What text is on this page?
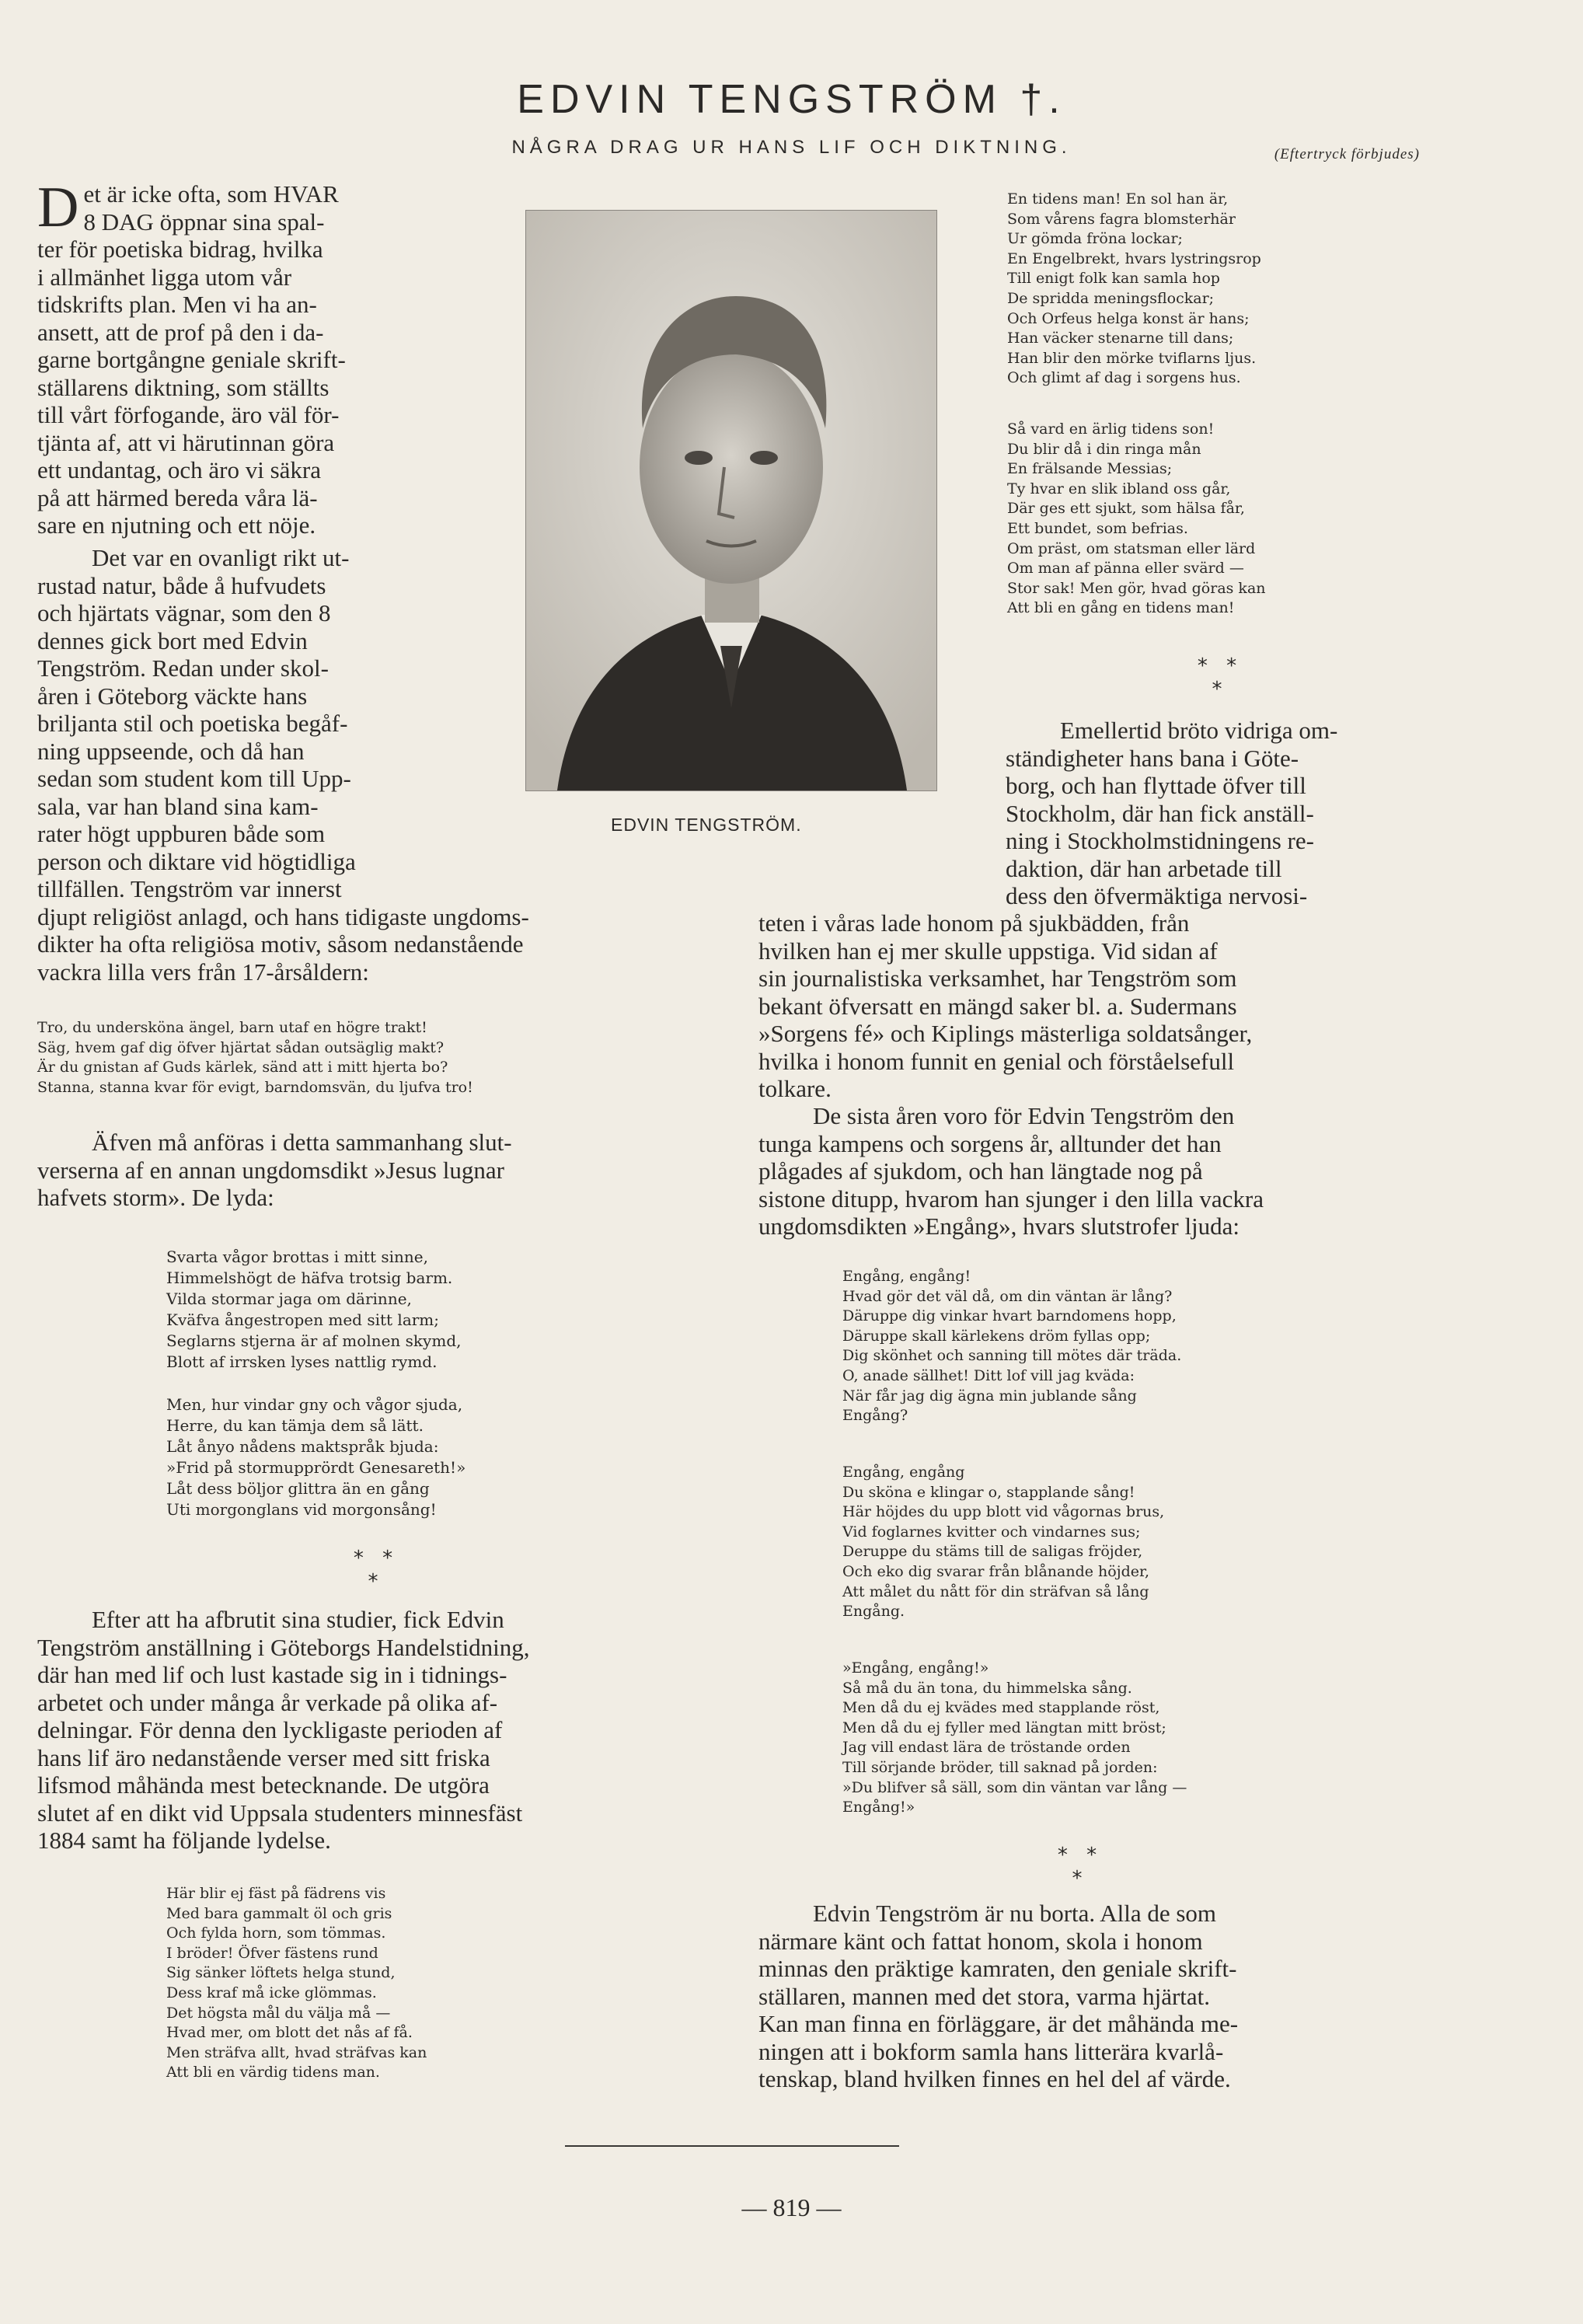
EDVIN TENGSTRÖM †.
NÅGRA DRAG UR HANS LIF OCH DIKTNING.	(Eftertryck förbjudes)

Det är icke ofta, som HVAR
8 DAG öppnar sina spal-
ter för poetiska bidrag, hvilka
i allmänhet ligga utom vår
tidskrifts plan. Men vi ha an-
ansett, att de prof på den i da-
garne bortgångne geniale skrift-
ställarens diktning, som ställts
till vårt förfogande, äro väl för-
tjänta af, att vi härutinnan göra
ett undantag, och äro vi säkra
på att härmed bereda våra lä-
sare en njutning och ett nöje.

Det var en ovanligt rikt ut-
rustad natur, både å hufvudets
och hjärtats vägnar, som den 8
dennes gick bort med Edvin
Tengström. Redan under skol-
åren i Göteborg väckte hans
briljanta stil och poetiska begåf-
ning uppseende, och då han
sedan som student kom till Upp-
sala, var han bland sina kam-
rater högt uppburen både som
person och diktare vid högtidliga
tillfällen. Tengström var innerst
djupt religiöst anlagd, och hans tidigaste ungdoms-
dikter ha ofta religiösa motiv, såsom nedanstående
vackra lilla vers från 17-årsåldern:

Tro, du underskönа ängel, barn utaf en högre trakt!
Säg, hvem gaf dig öfver hjärtat sådan outsäglig makt?
Är du gnistan af Guds kärlek, sänd att i mitt hjerta bo?
Stanna, stanna kvar för evigt, barndomsvän, du ljufva tro!

Äfven må anföras i detta sammanhang slut-
verserna af en annan ungdomsdikt »Jesus lugnar
hafvets storm». De lyda:

Svarta vågor brottas i mitt sinne,
Himmelshögt de häfva trotsig barm.
Vilda stormar jaga om därinne,
Kväfva ångestropen med sitt larm;
Seglarns stjerna är af molnen skymd,
Blott af irrsken lyses nattlig rymd.

Men, hur vindar gny och vågor sjuda,
Herre, du kan tämja dem så lätt.
Låt ånyo nådens maktspråk bjuda:
»Frid på stormupprördt Genesareth!»
Låt dess böljor glittra än en gång
Uti morgonglans vid morgonsång!

* *
*

Efter att ha afbrutit sina studier, fick Edvin
Tengström anställning i Göteborgs Handelstidning,
där han med lif och lust kastade sig in i tidnings-
arbetet och under många år verkade på olika af-
delningar. För denna den lyckligaste perioden af
hans lif äro nedanstående verser med sitt friska
lifsmod måhända mest betecknande. De utgöra
slutet af en dikt vid Uppsala studenters minnesfäst
1884 samt ha följande lydelse.

Här blir ej fäst på fädrens vis
Med bara gammalt öl och gris
Och fylda horn, som tömmas.
I bröder! Öfver fästens rund
Sig sänker löftets helga stund,
Dess kraf må icke glömmas.
Det högsta mål du välja må —
Hvad mer, om blott det nås af få.
Men sträfva allt, hvad sträfvas kan
Att bli en värdig tidens man.

EDVIN TENGSTRÖM.

En tidens man! En sol han är,
Som vårens fagra blomsterhär
Ur gömda fröna lockar;
En Engelbrekt, hvars lystringsrop
Till enigt folk kan samla hop
De spridda meningsflockar;
Och Orfeus helga konst är hans;
Han väcker stenarne till dans;
Han blir den mörke tviflarns ljus.
Och glimt af dag i sorgens hus.

Så vard en ärlig tidens son!
Du blir då i din ringa mån
En frälsande Messias;
Ty hvar en slik ibland oss går,
Där ges ett sjukt, som hälsa får,
Ett bundet, som befrias.
Om präst, om statsman eller lärd
Om man af pänna eller svärd —
Stor sak! Men gör, hvad göras kan
Att bli en gång en tidens man!

* *
*

Emellertid bröto vidriga om-
ständigheter hans bana i Göte-
borg, och han flyttade öfver till
Stockholm, där han fick anställ-
ning i Stockholmstidningens re-
daktion, där han arbetade till
dess den öfvermäktiga nervosi-

teten i våras lade honom på sjukbädden, från
hvilken han ej mer skulle uppstiga. Vid sidan af
sin journalistiska verksamhet, har Tengström som
bekant öfversatt en mängd saker bl. a. Sudermans
»Sorgens fé» och Kiplings mästerliga soldatsånger,
hvilka i honom funnit en genial och förståelsefull
tolkare.

De sista åren voro för Edvin Tengström den
tunga kampens och sorgens år, alltunder det han
plågades af sjukdom, och han längtade nog på
sistone ditupp, hvarom han sjunger i den lilla vackra
ungdomsdikten »Engång», hvars slutstrofer ljuda:

Engång, engång!
Hvad gör det väl då, om din väntan är lång?
Däruppe dig vinkar hvart barndomens hopp,
Däruppe skall kärlekens dröm fyllas opp;
Dig skönhet och sanning till mötes där träda.
O, anade sällhet! Ditt lof vill jag kväda:
När får jag dig ägna min jublande sång
Engång?

Engång, engång
Du sköna e klingar o, stapplande sång!
Här höjdes du upp blott vid vågornas brus,
Vid foglarnes kvitter och vindarnes sus;
Deruppe du stäms till de saligas fröjder,
Och eko dig svarar från blånande höjder,
Att målet du nått för din sträfvan så lång
Engång.

»Engång, engång!»
Så må du än tona, du himmelska sång.
Men då du ej kvädes med stapplande röst,
Men då du ej fyller med längtan mitt bröst;
Jag vill endast lära de tröstande orden
Till sörjande bröder, till saknad på jorden:
»Du blifver så säll, som din väntan var lång —
Engång!»

* *
*

Edvin Tengström är nu borta. Alla de som
närmare känt och fattat honom, skola i honom
minnas den präktige kamraten, den geniale skrift-
ställaren, mannen med det stora, varma hjärtat.
Kan man finna en förläggare, är det måhända me-
ningen att i bokform samla hans litterära kvarlå-
tenskap, bland hvilken finnes en hel del af värde.

— 819 —
